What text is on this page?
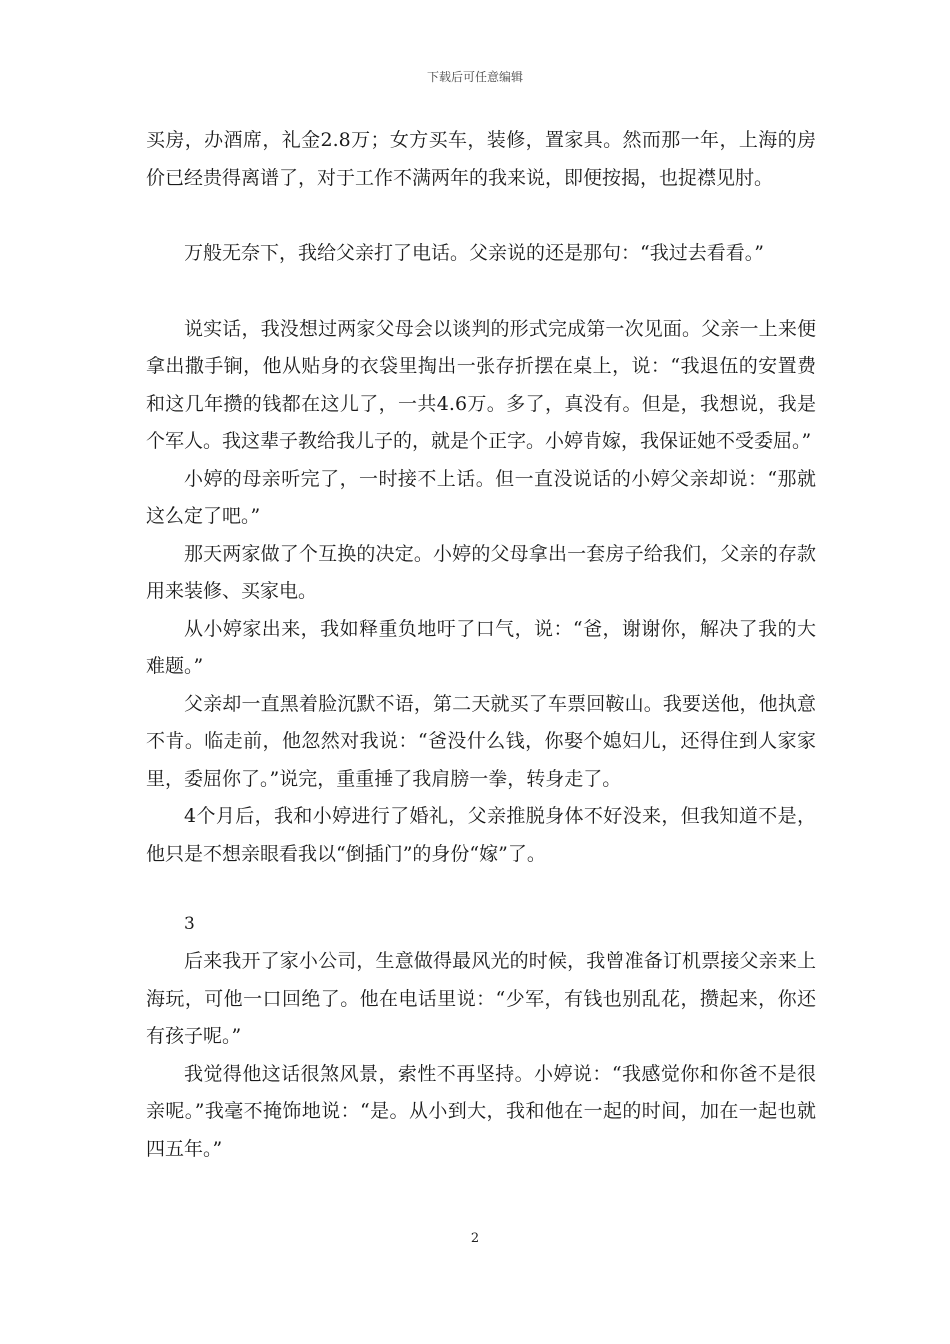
下载后可任意编辑

买房，办酒席，礼金2.8万；女方买车，装修，置家具。然而那一年，上海的房价已经贵得离谱了，对于工作不满两年的我来说，即便按揭，也捉襟见肘。

万般无奈下，我给父亲打了电话。父亲说的还是那句：“我过去看看。”

说实话，我没想过两家父母会以谈判的形式完成第一次见面。父亲一上来便拿出撒手锏，他从贴身的衣袋里掏出一张存折摆在桌上，说：“我退伍的安置费和这几年攒的钱都在这儿了，一共4.6万。多了，真没有。但是，我想说，我是个军人。我这辈子教给我儿子的，就是个正字。小婷肯嫁，我保证她不受委屈。”

小婷的母亲听完了，一时接不上话。但一直没说话的小婷父亲却说：“那就这么定了吧。”

那天两家做了个互换的决定。小婷的父母拿出一套房子给我们，父亲的存款用来装修、买家电。

从小婷家出来，我如释重负地吁了口气，说：“爸，谢谢你，解决了我的大难题。”

父亲却一直黑着脸沉默不语，第二天就买了车票回鞍山。我要送他，他执意不肯。临走前，他忽然对我说：“爸没什么钱，你娶个媳妇儿，还得住到人家家里，委屈你了。”说完，重重捶了我肩膀一拳，转身走了。

4个月后，我和小婷进行了婚礼，父亲推脱身体不好没来，但我知道不是，他只是不想亲眼看我以“倒插门”的身份“嫁”了。

3

后来我开了家小公司，生意做得最风光的时候，我曾准备订机票接父亲来上海玩，可他一口回绝了。他在电话里说：“少军，有钱也别乱花，攒起来，你还有孩子呢。”

我觉得他这话很煞风景，索性不再坚持。小婷说：“我感觉你和你爸不是很亲呢。”我毫不掩饰地说：“是。从小到大，我和他在一起的时间，加在一起也就四五年。”

2
